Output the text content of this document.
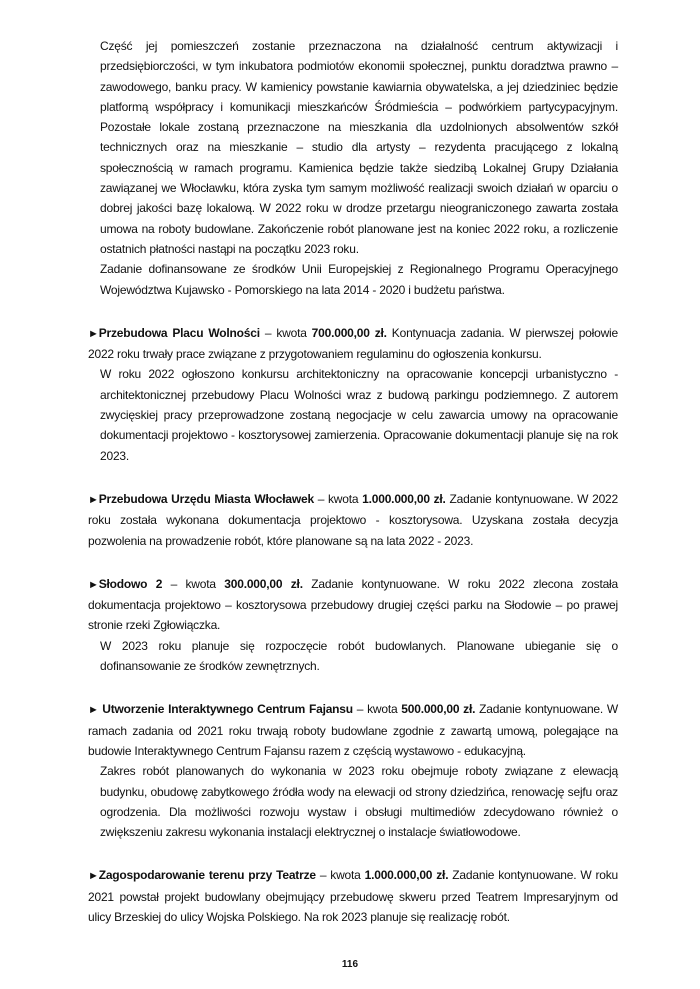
Część jej pomieszczeń zostanie przeznaczona na działalność centrum aktywizacji i przedsiębiorczości, w tym inkubatora podmiotów ekonomii społecznej, punktu doradztwa prawno – zawodowego, banku pracy. W kamienicy powstanie kawiarnia obywatelska, a jej dziedziniec będzie platformą współpracy i komunikacji mieszkańców Śródmieścia – podwórkiem partycypacyjnym. Pozostałe lokale zostaną przeznaczone na mieszkania dla uzdolnionych absolwentów szkół technicznych oraz na mieszkanie – studio dla artysty – rezydenta pracującego z lokalną społecznością w ramach programu. Kamienica będzie także siedzibą Lokalnej Grupy Działania zawiązanej we Włocławku, która zyska tym samym możliwość realizacji swoich działań w oparciu o dobrej jakości bazę lokalową. W 2022 roku w drodze przetargu nieograniczonego zawarta została umowa na roboty budowlane. Zakończenie robót planowane jest na koniec 2022 roku, a rozliczenie ostatnich płatności nastąpi na początku 2023 roku.

Zadanie dofinansowane ze środków Unii Europejskiej z Regionalnego Programu Operacyjnego Województwa Kujawsko - Pomorskiego na lata 2014 - 2020 i budżetu państwa.

►Przebudowa Placu Wolności – kwota 700.000,00 zł. Kontynuacja zadania. W pierwszej połowie 2022 roku trwały prace związane z przygotowaniem regulaminu do ogłoszenia konkursu.

W roku 2022 ogłoszono konkursu architektoniczny na opracowanie koncepcji urbanistyczno - architektonicznej przebudowy Placu Wolności wraz z budową parkingu podziemnego. Z autorem zwycięskiej pracy przeprowadzone zostaną negocjacje w celu zawarcia umowy na opracowanie dokumentacji projektowo - kosztorysowej zamierzenia. Opracowanie dokumentacji planuje się na rok 2023.

►Przebudowa Urzędu Miasta Włocławek – kwota 1.000.000,00 zł. Zadanie kontynuowane. W 2022 roku została wykonana dokumentacja projektowo - kosztorysowa. Uzyskana została decyzja pozwolenia na prowadzenie robót, które planowane są na lata 2022 - 2023.

►Słodowo 2 – kwota 300.000,00 zł. Zadanie kontynuowane. W roku 2022 zlecona została dokumentacja projektowo – kosztorysowa przebudowy drugiej części parku na Słodowie – po prawej stronie rzeki Zgłowiączka.

W 2023 roku planuje się rozpoczęcie robót budowlanych. Planowane ubieganie się o dofinansowanie ze środków zewnętrznych.

► Utworzenie Interaktywnego Centrum Fajansu – kwota 500.000,00 zł. Zadanie kontynuowane. W ramach zadania od 2021 roku trwają roboty budowlane zgodnie z zawartą umową, polegające na budowie Interaktywnego Centrum Fajansu razem z częścią wystawowo - edukacyjną.

Zakres robót planowanych do wykonania w 2023 roku obejmuje roboty związane z elewacją budynku, obudowę zabytkowego źródła wody na elewacji od strony dziedzińca, renowację sejfu oraz ogrodzenia. Dla możliwości rozwoju wystaw i obsługi multimediów zdecydowano również o zwiększeniu zakresu wykonania instalacji elektrycznej o instalacje światłowodowe.

►Zagospodarowanie terenu przy Teatrze – kwota 1.000.000,00 zł. Zadanie kontynuowane. W roku 2021 powstał projekt budowlany obejmujący przebudowę skweru przed Teatrem Impresaryjnym od ulicy Brzeskiej do ulicy Wojska Polskiego. Na rok 2023 planuje się realizację robót.

116
